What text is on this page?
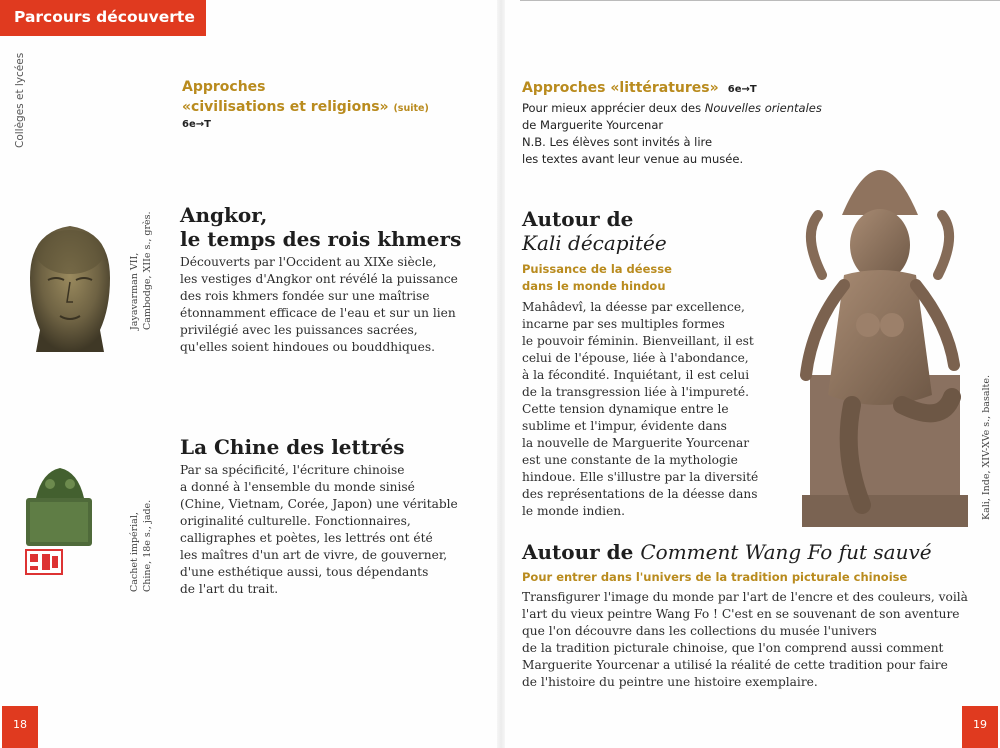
Parcours découverte
Collèges et lycées	Approches
«civilisations et religions» (suite)
6e→T
Approches «littératures» 6e→T
Pour mieux apprécier deux des Nouvelles orientales
de Marguerite Yourcenar
N.B. Les élèves sont invités à lire
les textes avant leur venue au musée.
Angkor,
le temps des rois khmers
Découverts par l'Occident au XIXe siècle,
les vestiges d'Angkor ont révélé la puissance
des rois khmers fondée sur une maîtrise
étonnamment efficace de l'eau et sur un lien
privilégié avec les puissances sacrées,
qu'elles soient hindoues ou bouddhiques.
Jayavarman VII, Cambodge, XIIe s., grès.
La Chine des lettrés
Par sa spécificité, l'écriture chinoise
a donné à l'ensemble du monde sinisé
(Chine, Vietnam, Corée, Japon) une véritable
originalité culturelle. Fonctionnaires,
calligraphes et poètes, les lettrés ont été
les maîtres d'un art de vivre, de gouverner,
d'une esthétique aussi, tous dépendants
de l'art du trait.
Cachet impérial, Chine, 18e s., jade.
Autour de
Kali décapitée
Puissance de la déesse
dans le monde hindou
Mahâdevî, la déesse par excellence,
incarne par ses multiples formes
le pouvoir féminin. Bienveillant, il est
celui de l'épouse, liée à l'abondance,
à la fécondité. Inquiétant, il est celui
de la transgression liée à l'impureté.
Cette tension dynamique entre le
sublime et l'impur, évidente dans
la nouvelle de Marguerite Yourcenar
est une constante de la mythologie
hindoue. Elle s'illustre par la diversité
des représentations de la déesse dans
le monde indien.	Kali, Inde, XIV-XVe s., basalte.
Autour de Comment Wang Fo fut sauvé
Pour entrer dans l'univers de la tradition picturale chinoise
Transfigurer l'image du monde par l'art de l'encre et des couleurs, voilà
l'art du vieux peintre Wang Fo ! C'est en se souvenant de son aventure
que l'on découvre dans les collections du musée l'univers
de la tradition picturale chinoise, que l'on comprend aussi comment
Marguerite Yourcenar a utilisé la réalité de cette tradition pour faire
de l'histoire du peintre une histoire exemplaire.
18	19
